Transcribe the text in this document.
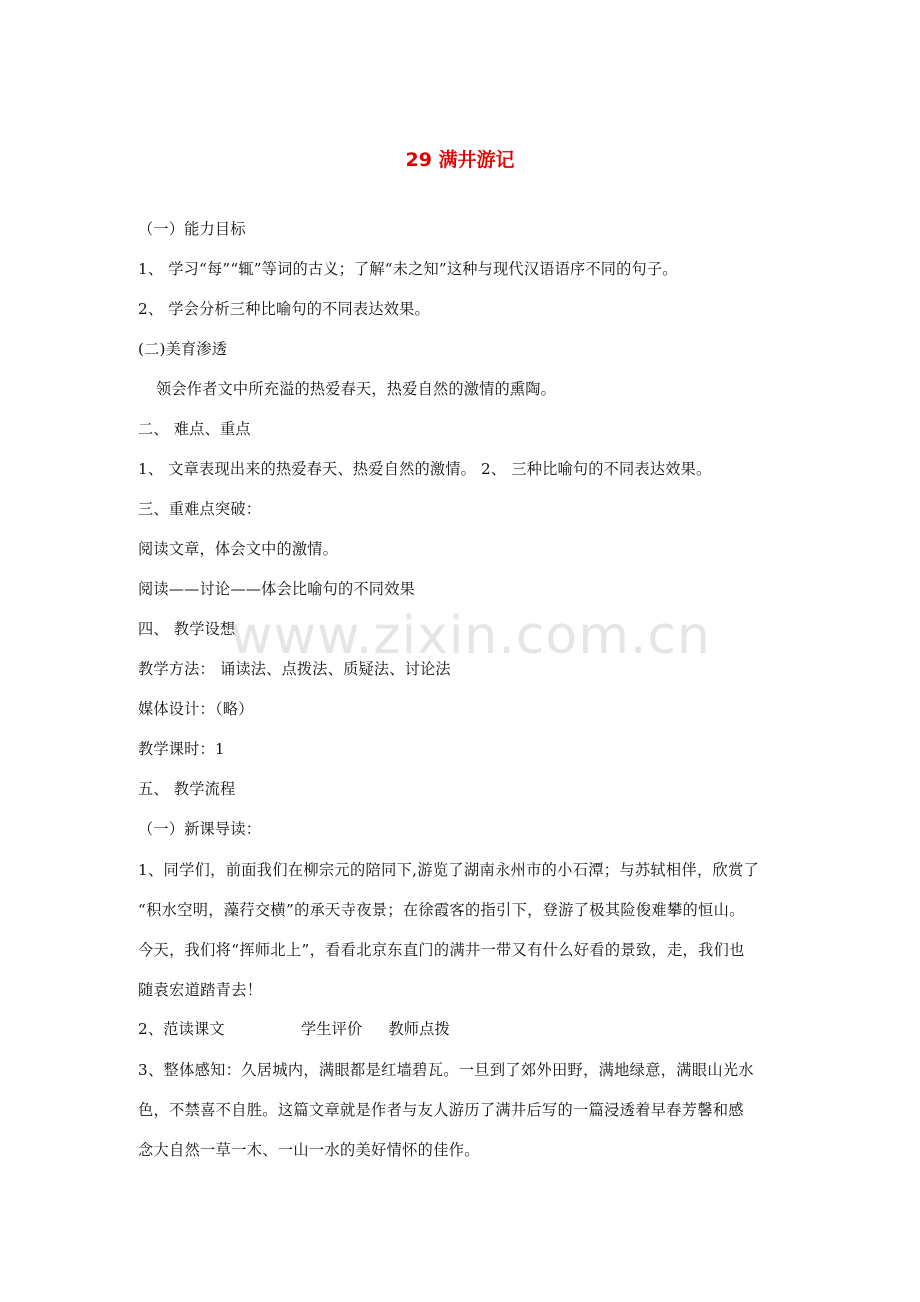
29 满井游记
（一）能力目标
1、 学习“每”“辄”等词的古义；了解“未之知”这种与现代汉语语序不同的句子。
2、 学会分析三种比喻句的不同表达效果。
(二)美育渗透
领会作者文中所充溢的热爱春天，热爱自然的激情的熏陶。
二、 难点、重点
1、 文章表现出来的热爱春天、热爱自然的激情。 2、 三种比喻句的不同表达效果。
三、重难点突破：
阅读文章，体会文中的激情。
阅读——讨论——体会比喻句的不同效果
四、 教学设想
教学方法： 诵读法、点拨法、质疑法、讨论法
媒体设计：（略）
教学课时：1
五、 教学流程
（一）新课导读：
1、同学们，前面我们在柳宗元的陪同下,游览了湖南永州市的小石潭；与苏轼相伴，欣赏了
“积水空明，藻荇交横”的承天寺夜景；在徐霞客的指引下，登游了极其险俊难攀的恒山。
今天，我们将“挥师北上”，看看北京东直门的满井一带又有什么好看的景致，走，我们也
随袁宏道踏青去！
2、范读课文	学生评价 教师点拨
3、整体感知：久居城内，满眼都是红墙碧瓦。一旦到了郊外田野，满地绿意，满眼山光水
色，不禁喜不自胜。这篇文章就是作者与友人游历了满井后写的一篇浸透着早春芳馨和感
念大自然一草一木、一山一水的美好情怀的佳作。
www.zixin.com.cn
